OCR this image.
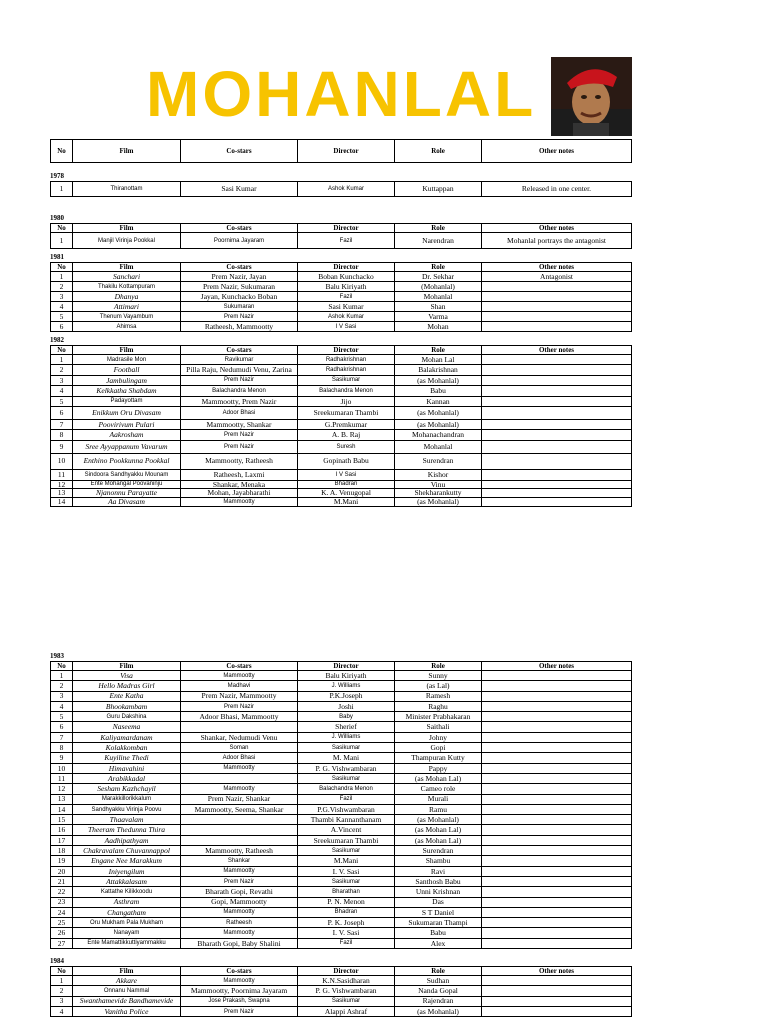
MOHANLAL
No	Film	Co-stars	Director	Role	Other notes
1978
1	Thiranottam	Sasi Kumar	Ashok Kumar	Kuttappan	Released in one center.
1980
No	Film	Co-stars	Director	Role	Other notes
1	Manjil Virinja Pookkal	Poornima Jayaram	Fazil	Narendran	Mohanlal portrays the antagonist
1981
No	Film	Co-stars	Director	Role	Other notes
1	Sanchari	Prem Nazir, Jayan	Boban Kunchacko	Dr. Sekhar	Antagonist
2	Thakilu Kottampuram	Prem Nazir, Sukumaran	Balu Kiriyath	(Mohanlal)	
3	Dhanya	Jayan, Kunchacko Boban	Fazil	Mohanlal	
4	Attimari	Sukumaran	Sasi Kumar	Shan	
5	Thenum Vayambum	Prem Nazir	Ashok Kumar	Varma	
6	Ahimsa	Ratheesh, Mammootty	I V Sasi	Mohan	
1982
No	Film	Co-stars	Director	Role	Other notes
1	Madrasile Mon	Ravikumar	Radhakrishnan	Mohan Lal	
2	Football	Pilla Raju, Nedumudi Venu, Zarina	Radhakrishnan	Balakrishnan	
3	Jambulingam	Prem Nazir	Sasikumar	(as Mohanlal)	
4	Kelkkatha Shabdam	Balachandra Menon	Balachandra Menon	Babu	
5	Padayottam	Mammootty, Prem Nazir	Jijo	Kannan	
6	Enikkum Oru Divasam	Adoor Bhasi	Sreekumaran Thambi	(as Mohanlal)	
7	Poovirivum Pulari	Mammootty, Shankar	G.Premkumar	(as Mohanlal)	
8	Aakrosham	Prem Nazir	A. B. Raj	Mohanachandran	
9	Sree Ayyappanum Vavarum	Prem Nazir	Suresh	Mohanlal	
10	Enthino Pookkunna Pookkal	Mammootty, Ratheesh	Gopinath Babu	Surendran	
11	Sindoora Sandhyakku Mounam	Ratheesh, Laxmi	I V Sasi	Kishor	
12	Ente Mohangal Poovaninju	Shankar, Menaka	Bhadran	Vinu	
13	Njanonnu Parayatte	Mohan, Jayabharathi	K. A. Venugopal	Shekharankutty	
14	Aa Divasam	Mammootty	M.Mani	(as Mohanlal)	
1983
No	Film	Co-stars	Director	Role	Other notes
1	Visa	Mammootty	Balu Kiriyath	Sunny	
2	Hello Madras Girl	Madhavi	J. Williams	(as Lal)	
3	Ente Katha	Prem Nazir, Mammootty	P.K.Joseph	Ramesh	
4	Bhookambam	Prem Nazir	Joshi	Raghu	
5	Guru Dakshina	Adoor Bhasi, Mammootty	Baby	Minister Prabhakaran	
6	Naseema		Sherief	Saithali	
7	Kaliyamardanam	Shankar, Nedumudi Venu	J. Williams	Johny	
8	Kolakkomban	Soman	Sasikumar	Gopi	
9	Kuyiline Thedi	Adoor Bhasi	M. Mani	Thampuran Kutty	
10	Himavahini	Mammootty	P. G. Vishwambaran	Pappy	
11	Arabikkadal		Sasikumar	(as Mohan Lal)	
12	Sesham Kazhchayil	Mammootty	Balachandra Menon	Cameo role	
13	Marakkillorikkalum	Prem Nazir, Shankar	Fazil	Murali	
14	Sandhyakku Virinja Poovu	Mammootty, Seema, Shankar	P.G.Vishwambaran	Ramu	
15	Thaavalam		Thambi Kannanthanam	(as Mohanlal)	
16	Theeram Thedunna Thira		A.Vincent	(as Mohan Lal)	
17	Aadhipathyam		Sreekumaran Thambi	(as Mohan Lal)	
18	Chakravalam Chuvannappol	Mammootty, Ratheesh	Sasikumar	Surendran	
19	Engane Nee Marakkum	Shankar	M.Mani	Shambu	
20	Iniyengilum	Mammootty	I. V. Sasi	Ravi	
21	Attakkalasam	Prem Nazir	Sasikumar	Santhosh Babu	
22	Kattathe Kilikkoodu	Bharath Gopi, Revathi	Bharathan	Unni Krishnan	
23	Asthram	Gopi, Mammootty	P. N. Menon	Das	
24	Changatham	Mammootty	Bhadran	S T Daniel	
25	Oru Mukham Pala Mukham	Ratheesh	P. K. Joseph	Sukumaran Thampi	
26	Nanayam	Mammootty	I. V. Sasi	Babu	
27	Ente Mamattikkuttiyammakku	Bharath Gopi, Baby Shalini	Fazil	Alex	
1984
No	Film	Co-stars	Director	Role	Other notes
1	Akkare	Mammootty	K.N.Sasidharan	Sudhan	
2	Onnanu Nammal	Mammootty, Poornima Jayaram	P. G. Vishwambaran	Nanda Gopal	
3	Swanthamevide Bandhamevide	Jose Prakash, Swapna	Sasikumar	Rajendran	
4	Vanitha Police	Prem Nazir	Alappi Ashraf	(as Mohanlal)	
